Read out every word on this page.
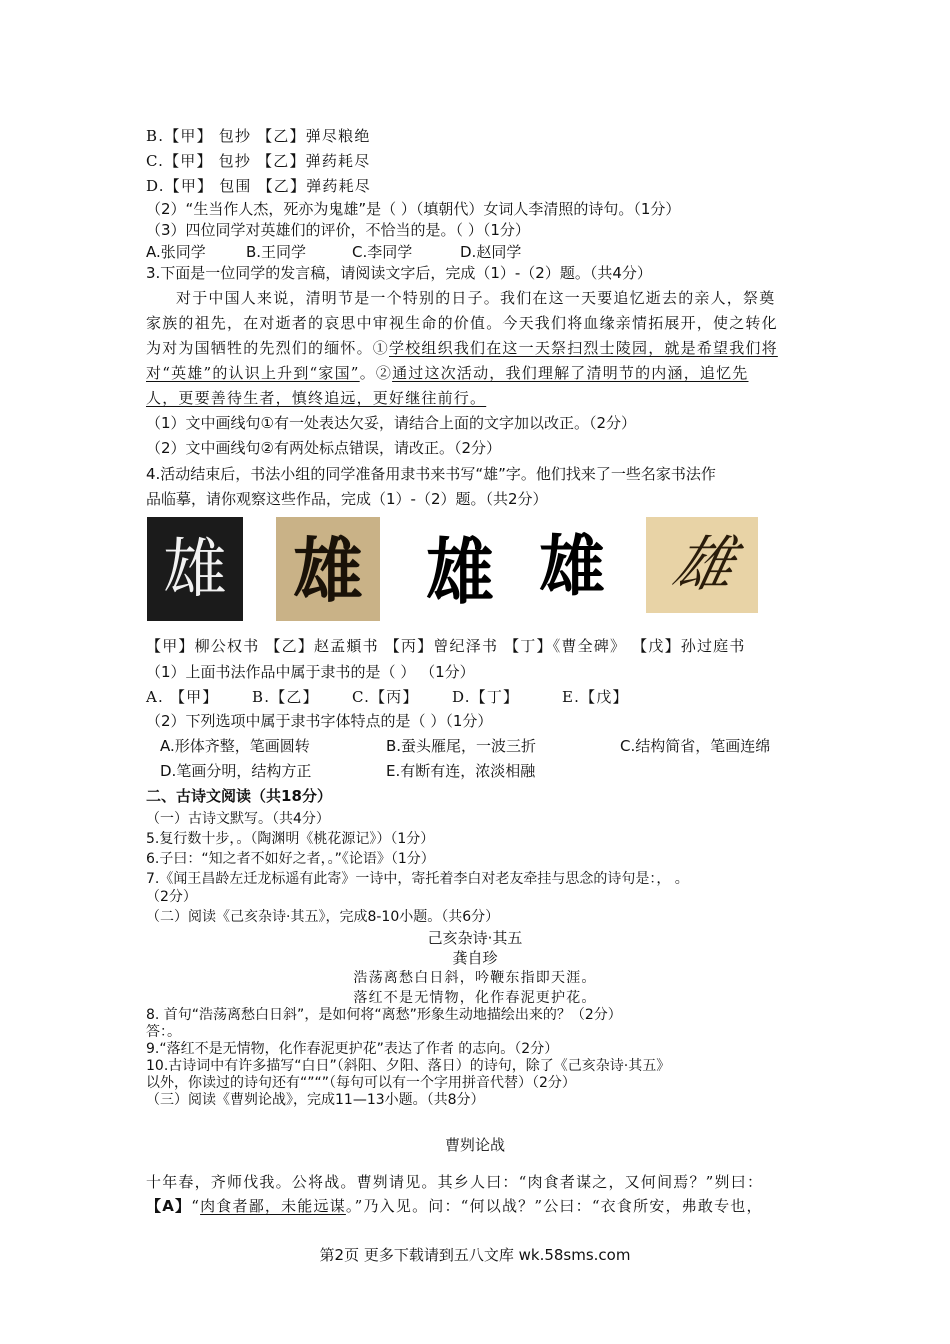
B.【甲】 包抄 【乙】弹尽粮绝
C.【甲】 包抄 【乙】弹药耗尽
D.【甲】 包围 【乙】弹药耗尽
（2）“生当作人杰，死亦为鬼雄”是（ ）（填朝代）女词人李清照的诗句。（1分）
（3）四位同学对英雄们的评价，不恰当的是。（ ）（1分）
A.张同学	B.王同学	C.李同学	D.赵同学
3.下面是一位同学的发言稿，请阅读文字后，完成（1）-（2）题。（共4分）
对于中国人来说，清明节是一个特别的日子。我们在这一天要追忆逝去的亲人，祭奠
家族的祖先，在对逝者的哀思中审视生命的价值。今天我们将血缘亲情拓展开，使之转化
为对为国牺牲的先烈们的缅怀。①学校组织我们在这一天祭扫烈士陵园，就是希望我们将
对“英雄”的认识上升到“家国”。②通过这次活动，我们理解了清明节的内涵，追忆先
人，更要善待生者，慎终追远，更好继往前行。
（1）文中画线句①有一处表达欠妥，请结合上面的文字加以改正。（2分）
（2）文中画线句②有两处标点错误，请改正。（2分）
4.活动结束后，书法小组的同学准备用隶书来书写“雄”字。他们找来了一些名家书法作
品临摹，请你观察这些作品，完成（1）-（2）题。（共2分）
雄 雄 雄 雄 雄
【甲】柳公权书 【乙】赵孟頫书 【丙】曾纪泽书 【丁】《曹全碑》 【戊】孙过庭书
（1）上面书法作品中属于隶书的是（ ） （1分）
A. 【甲】 B.【乙】 C.【丙】 D.【丁】	E.【戊】
（2）下列选项中属于隶书字体特点的是（ ）（1分）
A.形体齐整，笔画圆转	B.蚕头雁尾，一波三折	C.结构简省，笔画连绵
D.笔画分明，结构方正	E.有断有连，浓淡相融
二、古诗文阅读（共18分）
（一）古诗文默写。（共4分）
5.复行数十步，。（陶渊明《桃花源记》）（1分）
6.子曰：“知之者不如好之者，。”《论语》（1分）
7.《闻王昌龄左迁龙标遥有此寄》一诗中，寄托着李白对老友牵挂与思念的诗句是：， 。
（2分）
（二）阅读《己亥杂诗·其五》，完成8-10小题。（共6分）
己亥杂诗·其五
龚自珍
浩荡离愁白日斜，吟鞭东指即天涯。
落红不是无情物，化作春泥更护花。
8. 首句“浩荡离愁白日斜”，是如何将“离愁”形象生动地描绘出来的？（2分）
答：。
9.“落红不是无情物，化作春泥更护花”表达了作者 的志向。（2分）
10.古诗词中有许多描写“白日”（斜阳、夕阳、落日）的诗句，除了《己亥杂诗·其五》
以外，你读过的诗句还有“”“”（每句可以有一个字用拼音代替）（2分）
（三）阅读《曹刿论战》，完成11—13小题。（共8分）
曹刿论战
十年春，齐师伐我。公将战。曹刿请见。其乡人曰：“肉食者谋之，又何间焉？”刿曰：
【A】“肉食者鄙，未能远谋。”乃入见。问：“何以战？”公曰：“衣食所安，弗敢专也，
第2页 更多下载请到五八文库 wk.58sms.com
